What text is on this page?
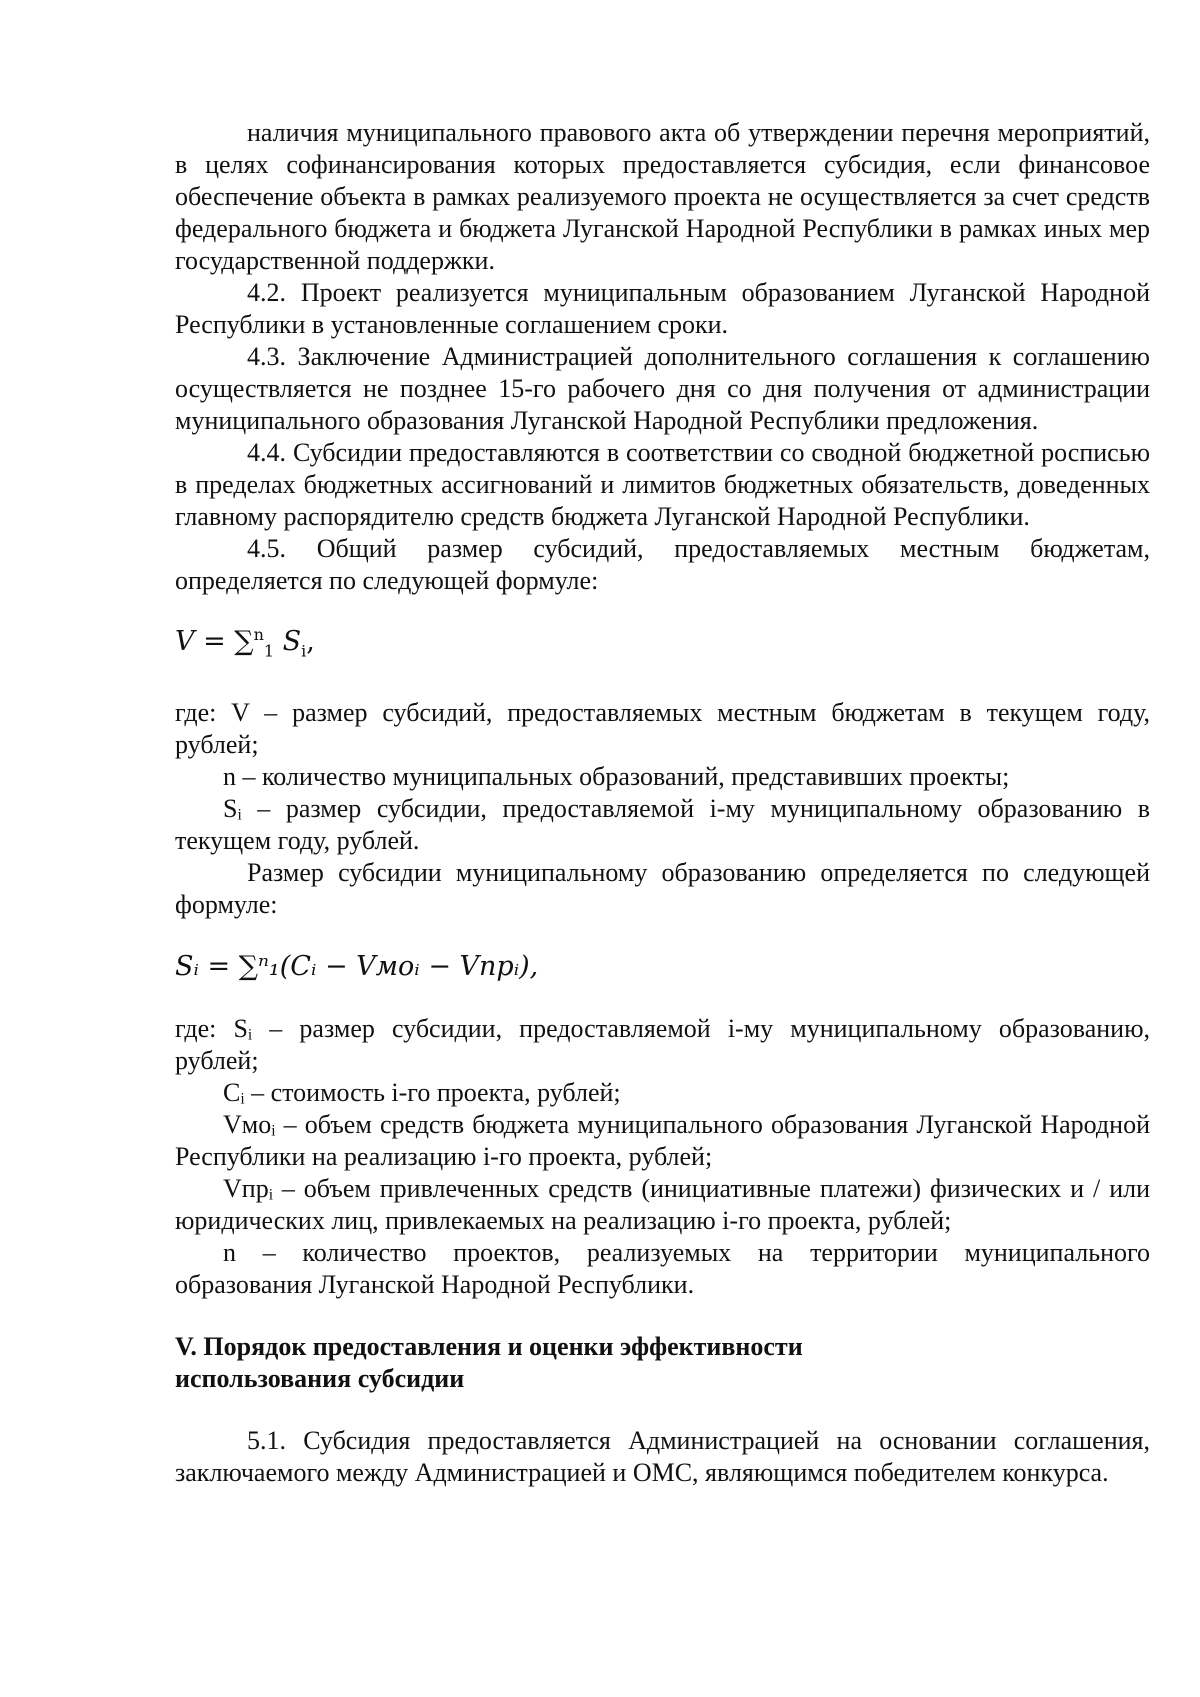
наличия муниципального правового акта об утверждении перечня мероприятий, в целях софинансирования которых предоставляется субсидия, если финансовое обеспечение объекта в рамках реализуемого проекта не осуществляется за счет средств федерального бюджета и бюджета Луганской Народной Республики в рамках иных мер государственной поддержки.

4.2. Проект реализуется муниципальным образованием Луганской Народной Республики в установленные соглашением сроки.

4.3. Заключение Администрацией дополнительного соглашения к соглашению осуществляется не позднее 15-го рабочего дня со дня получения от администрации муниципального образования Луганской Народной Республики предложения.

4.4. Субсидии предоставляются в соответствии со сводной бюджетной росписью в пределах бюджетных ассигнований и лимитов бюджетных обязательств, доведенных главному распорядителю средств бюджета Луганской Народной Республики.

4.5. Общий размер субсидий, предоставляемых местным бюджетам, определяется по следующей формуле:

V = ∑$^n_1$ $S_i$,

где: V – размер субсидий, предоставляемых местным бюджетам в текущем году, рублей;

n – количество муниципальных образований, представивших проекты;

Sᵢ – размер субсидии, предоставляемой i-му муниципальному образованию в текущем году, рублей.

Размер субсидии муниципальному образованию определяется по следующей формуле:

Sᵢ = ∑ⁿ₁(Cᵢ − Vмоᵢ − Vпрᵢ),

где: Sᵢ – размер субсидии, предоставляемой i-му муниципальному образованию, рублей;

Cᵢ – стоимость i-го проекта, рублей;

Vмоᵢ – объем средств бюджета муниципального образования Луганской Народной Республики на реализацию i-го проекта, рублей;

Vпрᵢ – объем привлеченных средств (инициативные платежи) физических и / или юридических лиц, привлекаемых на реализацию i-го проекта, рублей;

n – количество проектов, реализуемых на территории муниципального образования Луганской Народной Республики.

V. Порядок предоставления и оценки эффективности

использования субсидии

5.1. Субсидия предоставляется Администрацией на основании соглашения, заключаемого между Администрацией и ОМС, являющимся победителем конкурса.
